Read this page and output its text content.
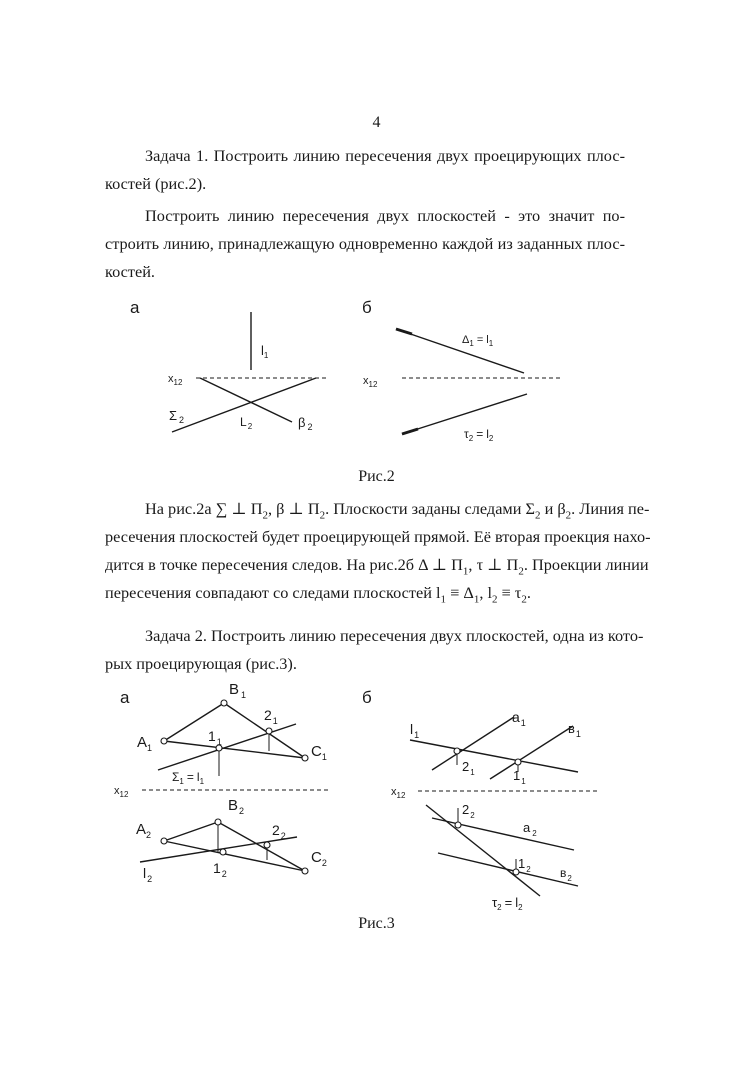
4
Задача 1. Построить линию пересечения двух проецирующих плос-
костей (рис.2).
Построить линию пересечения двух плоскостей - это значит по-
строить линию, принадлежащую одновременно каждой из заданных плос-
костей.
а
$l_1$
$x_{12}$
Σ $_2$	$L_2$	β $_2$
б
$\Delta_1 = l_1$
$x_{12}$
$\tau_2 = l_2$
Рис.2
На рис.2а ∑ ⊥ $П_2$, β ⊥ $П_2$. Плоскости заданы следами $\Sigma_2$ и $\beta_2$. Линия пе-
ресечения плоскостей будет проецирующей прямой. Её вторая проекция нахо-
дится в точке пересечения следов. На рис.2б Δ ⊥ $П_1$, τ ⊥ $П_2$. Проекции линии
пересечения совпадают со следами плоскостей $l_1 \equiv \Delta_1$, $l_2 \equiv \tau_2$.
Задача 2. Построить линию пересечения двух плоскостей, одна из кото-
рых проецирующая (рис.3).
а	B $_1$
$A_1$	$C_1$
$1_1$
$2_1$
$\Sigma_1 = l_1$
$x_{12}$
$B_2$
$A_2$
$C_2$
$2_2$
$1_2$
$l_2$
б
$l_1$
$a_1$	$в_1$
$2_1$	$1_1$
$x_{12}$
$2_2$
a $_2$
$1_2$ $в_2$
$\tau_2 = l_2$
Рис.3
